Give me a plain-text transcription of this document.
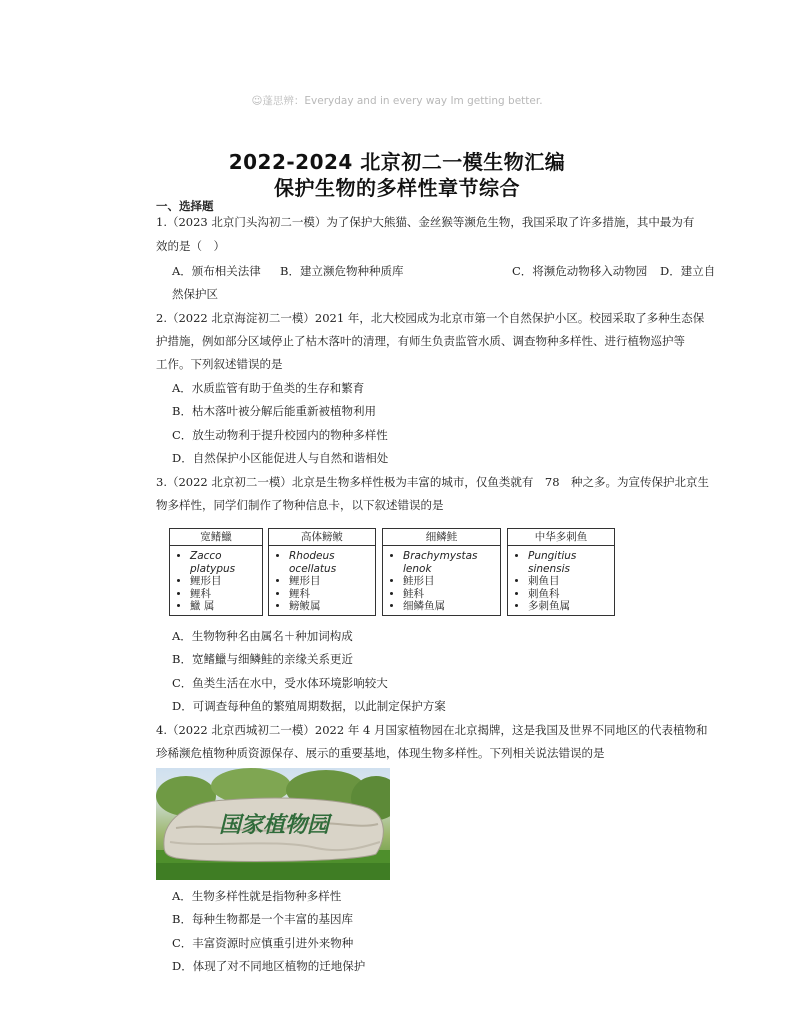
☺蓬思辨：Everyday and in every way Im getting better.
2022-2024 北京初二一模生物汇编
保护生物的多样性章节综合
一、选择题
1.（2023 北京门头沟初二一模）为了保护大熊猫、金丝猴等濒危生物，我国采取了许多措施，其中最为有
效的是（　）
A．颁布相关法律 B．建立濒危物种种质库	C．将濒危动物移入动物园 D．建立自
然保护区
2.（2022 北京海淀初二一模）2021 年，北大校园成为北京市第一个自然保护小区。校园采取了多种生态保
护措施，例如部分区域停止了枯木落叶的清理，有师生负责监管水质、调查物种多样性、进行植物巡护等
工作。下列叙述错误的是
A．水质监管有助于鱼类的生存和繁育
B．枯木落叶被分解后能重新被植物利用
C．放生动物利于提升校园内的物种多样性
D．自然保护小区能促进人与自然和谐相处
3.（2022 北京初二一模）北京是生物多样性极为丰富的城市，仅鱼类就有　78　种之多。为宣传保护北京生
物多样性，同学们制作了物种信息卡，以下叙述错误的是
宽鳍鱲
• Zacco platypus
• 鲤形目
• 鲤科
• 鱲 属
高体鳑鲏
• Rhodeus ocellatus
• 鲤形目
• 鲤科
• 鳑鲏属
细鳞鲑
• Brachymystas lenok
• 鲑形目
• 鲑科
• 细鳞鱼属
中华多刺鱼
• Pungitius sinensis
• 刺鱼目
• 刺鱼科
• 多刺鱼属
A．生物物种名由属名＋种加词构成
B．宽鳍鱲与细鳞鲑的亲缘关系更近
C．鱼类生活在水中，受水体环境影响较大
D．可调查每种鱼的繁殖周期数据，以此制定保护方案
4.（2022 北京西城初二一模）2022 年 4 月国家植物园在北京揭牌，这是我国及世界不同地区的代表植物和
珍稀濒危植物种质资源保存、展示的重要基地，体现生物多样性。下列相关说法错误的是
国家植物园
A．生物多样性就是指物种多样性
B．每种生物都是一个丰富的基因库
C．丰富资源时应慎重引进外来物种
D．体现了对不同地区植物的迁地保护
